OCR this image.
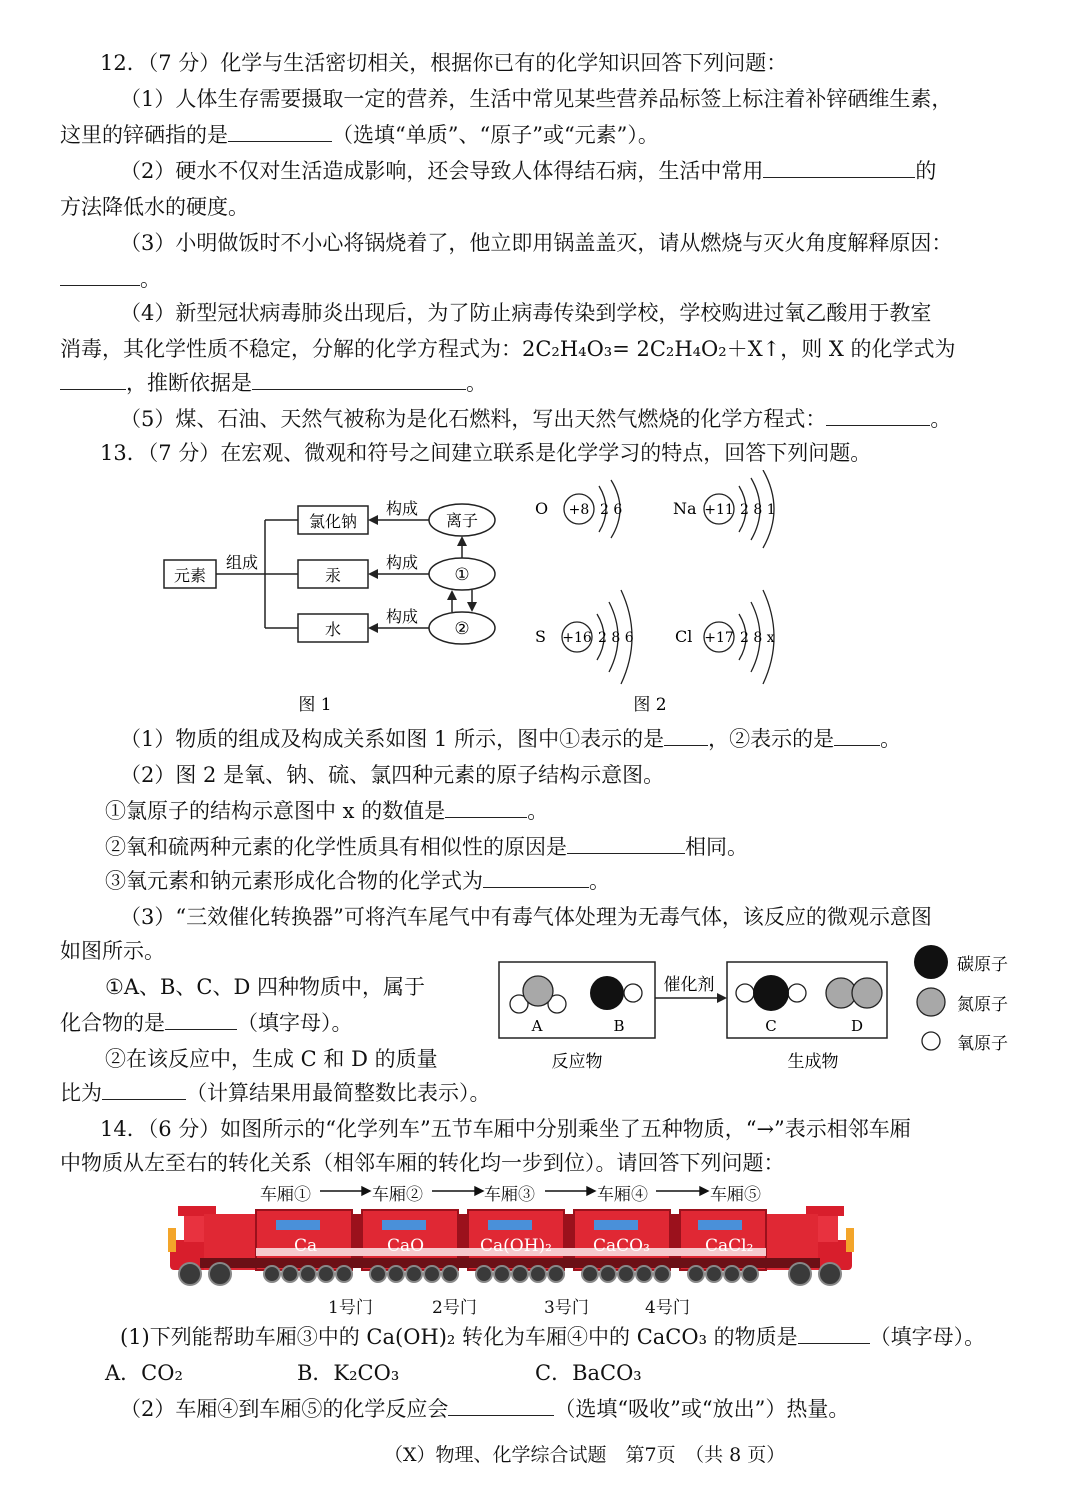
12．（7 分）化学与生活密切相关，根据你已有的化学知识回答下列问题：
（1）人体生存需要摄取一定的营养，生活中常见某些营养品标签上标注着补锌硒维生素，
这里的锌硒指的是	（选填“单质”、“原子”或“元素”）。
（2）硬水不仅对生活造成影响，还会导致人体得结石病，生活中常用	的
方法降低水的硬度。
（3）小明做饭时不小心将锅烧着了，他立即用锅盖盖灭，请从燃烧与灭火角度解释原因：
。
（4）新型冠状病毒肺炎出现后，为了防止病毒传染到学校，学校购进过氧乙酸用于教室
消毒，其化学性质不稳定，分解的化学方程式为：2C₂H₄O₃= 2C₂H₄O₂＋X↑，则 X 的化学式为
，推断依据是	。
（5）煤、石油、天然气被称为是化石燃料，写出天然气燃烧的化学方程式：	。
13．（7 分）在宏观、微观和符号之间建立联系是化学学习的特点，回答下列问题。
元素
组成
氯化钠
汞
水
构成
构成
构成
离子
①
②
图 1
O +8 2 6	Na +11 2 8 1
S +16 2 8 6	Cl +17 2 8 x
图 2
（1）物质的组成及构成关系如图 1 所示，图中①表示的是 ，②表示的是 。
（2）图 2 是氧、钠、硫、氯四种元素的原子结构示意图。
①氯原子的结构示意图中 x 的数值是	。
②氧和硫两种元素的化学性质具有相似性的原因是	相同。
③氧元素和钠元素形成化合物的化学式为	。
（3）“三效催化转换器”可将汽车尾气中有毒气体处理为无毒气体，该反应的微观示意图
如图所示。
①A、B、C、D 四种物质中，属于
化合物的是	（填字母）。
②在该反应中，生成 C 和 D 的质量
比为	（计算结果用最简整数比表示）。
A	B
催化剂
C	D
反应物	生成物
碳原子
氮原子
氧原子
14．（6 分）如图所示的“化学列车”五节车厢中分别乘坐了五种物质，“→”表示相邻车厢
中物质从左至右的转化关系（相邻车厢的转化均一步到位）。请回答下列问题：
车厢①	车厢②	车厢③	车厢④	车厢⑤
Ca	CaO	Ca(OH)₂ CaCO₃	CaCl₂
1号门	2号门	3号门	4号门
(1)下列能帮助车厢③中的 Ca(OH)₂ 转化为车厢④中的 CaCO₃ 的物质是	（填字母）。
A．CO₂	B．K₂CO₃	C．BaCO₃
（2）车厢④到车厢⑤的化学反应会	（选填“吸收”或“放出”）热量。
（X）物理、化学综合试题　第7页　（共 8 页）
